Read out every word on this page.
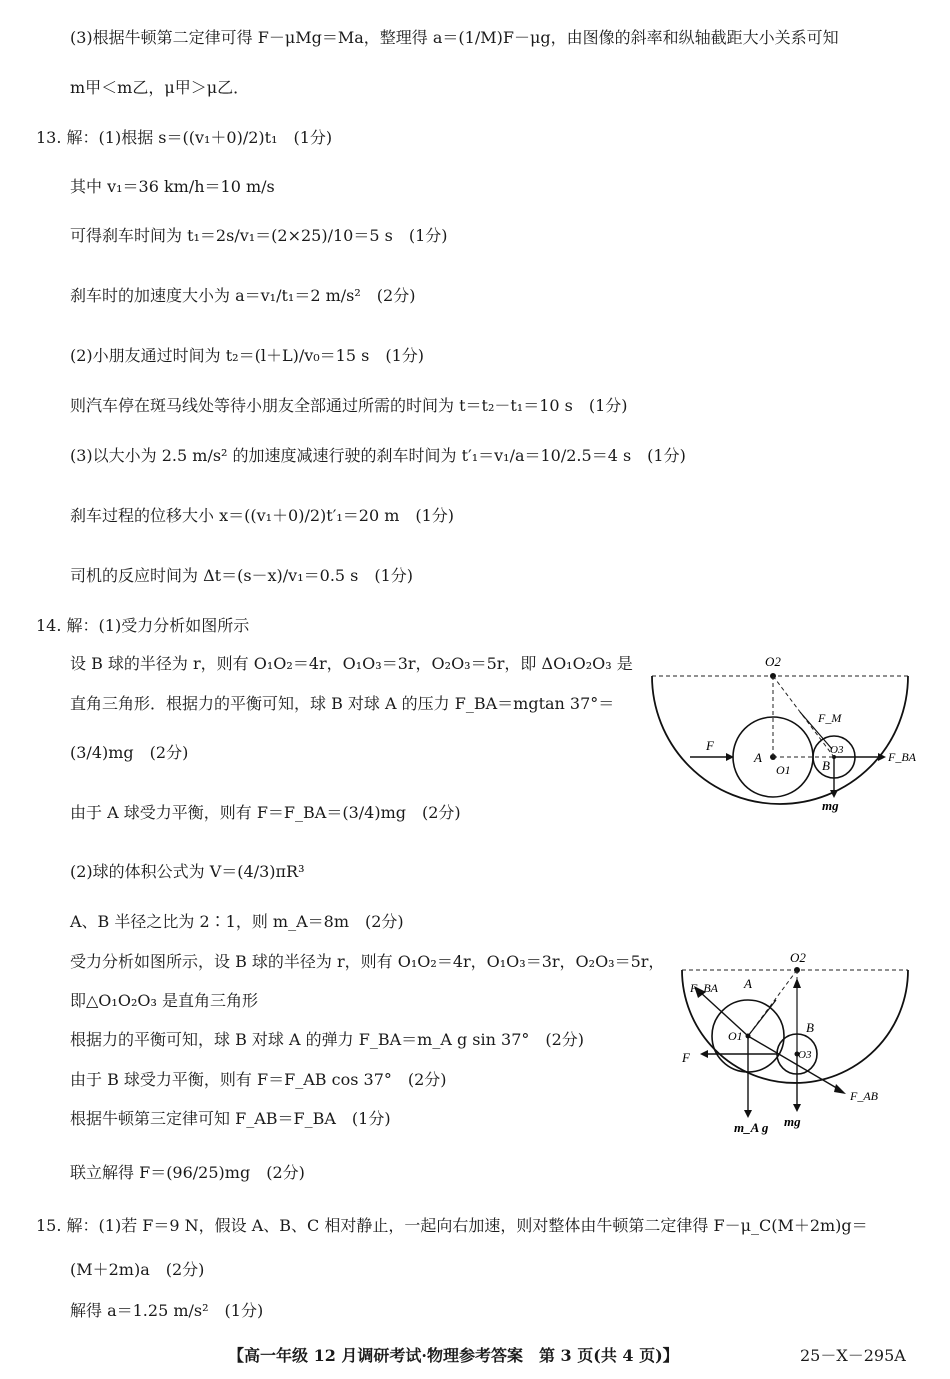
(3)根据牛顿第二定律可得 F－μMg＝Ma，整理得 a＝(1/M)F－μg，由图像的斜率和纵轴截距大小关系可知
m甲＜m乙，μ甲＞μ乙．
13. 解：(1)根据 s＝((v₁＋0)/2)t₁　(1分)
其中 v₁＝36 km/h＝10 m/s
可得刹车时间为 t₁＝2s/v₁＝(2×25)/10＝5 s　(1分)
刹车时的加速度大小为 a＝v₁/t₁＝2 m/s²　(2分)
(2)小朋友通过时间为 t₂＝(l＋L)/v₀＝15 s　(1分)
则汽车停在斑马线处等待小朋友全部通过所需的时间为 t＝t₂－t₁＝10 s　(1分)
(3)以大小为 2.5 m/s² 的加速度减速行驶的刹车时间为 t′₁＝v₁/a＝10/2.5＝4 s　(1分)
刹车过程的位移大小 x＝((v₁＋0)/2)t′₁＝20 m　(1分)
司机的反应时间为 Δt＝(s－x)/v₁＝0.5 s　(1分)
14. 解：(1)受力分析如图所示
设 B 球的半径为 r，则有 O₁O₂＝4r，O₁O₃＝3r，O₂O₃＝5r，即 ΔO₁O₂O₃ 是
直角三角形．根据力的平衡可知，球 B 对球 A 的压力 F_BA＝mgtan 37°＝
(3/4)mg　(2分)
由于 A 球受力平衡，则有 F＝F_BA＝(3/4)mg　(2分)
(2)球的体积公式为 V＝(4/3)πR³
A、B 半径之比为 2∶1，则 m_A＝8m　(2分)
受力分析如图所示，设 B 球的半径为 r，则有 O₁O₂＝4r，O₁O₃＝3r，O₂O₃＝5r，
即△O₁O₂O₃ 是直角三角形
根据力的平衡可知，球 B 对球 A 的弹力 F_BA＝m_A g sin 37°　(2分)
由于 B 球受力平衡，则有 F＝F_AB cos 37°　(2分)
根据牛顿第三定律可知 F_AB＝F_BA　(1分)
联立解得 F＝(96/25)mg　(2分)
15. 解：(1)若 F＝9 N，假设 A、B、C 相对静止，一起向右加速，则对整体由牛顿第二定律得 F－μ_C(M＋2m)g＝
(M＋2m)a　(2分)
解得 a＝1.25 m/s²　(1分)
O2
F_M
F
A
O1
O3
B
F_BA
mg
O2
F_BA A
O1
B
O3
F
F_AB
m_A g mg
【高一年级 12 月调研考试·物理参考答案　第 3 页(共 4 页)】	25－X－295A
